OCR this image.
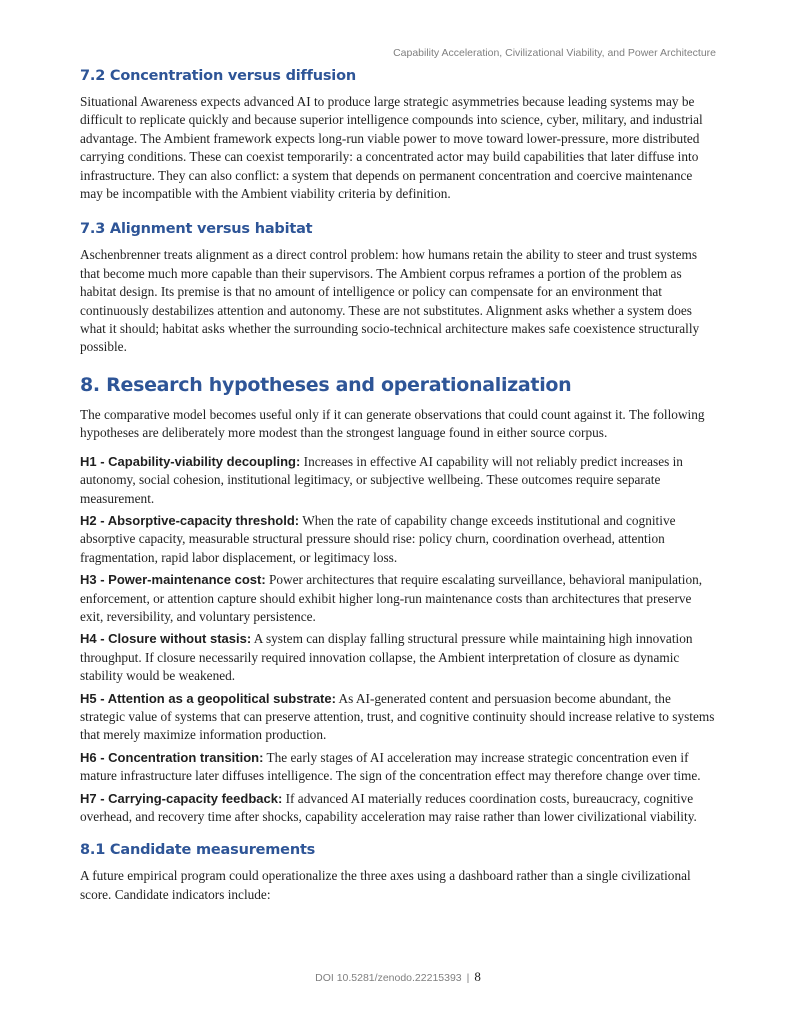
Capability Acceleration, Civilizational Viability, and Power Architecture
7.2 Concentration versus diffusion

Situational Awareness expects advanced AI to produce large strategic asymmetries because leading systems may be difficult to replicate quickly and because superior intelligence compounds into science, cyber, military, and industrial advantage. The Ambient framework expects long-run viable power to move toward lower-pressure, more distributed carrying conditions. These can coexist temporarily: a concentrated actor may build capabilities that later diffuse into infrastructure. They can also conflict: a system that depends on permanent concentration and coercive maintenance may be incompatible with the Ambient viability criteria by definition.

7.3 Alignment versus habitat

Aschenbrenner treats alignment as a direct control problem: how humans retain the ability to steer and trust systems that become much more capable than their supervisors. The Ambient corpus reframes a portion of the problem as habitat design. Its premise is that no amount of intelligence or policy can compensate for an environment that continuously destabilizes attention and autonomy. These are not substitutes. Alignment asks whether a system does what it should; habitat asks whether the surrounding socio-technical architecture makes safe coexistence structurally possible.

8. Research hypotheses and operationalization

The comparative model becomes useful only if it can generate observations that could count against it. The following hypotheses are deliberately more modest than the strongest language found in either source corpus.

H1 - Capability-viability decoupling: Increases in effective AI capability will not reliably predict increases in autonomy, social cohesion, institutional legitimacy, or subjective wellbeing. These outcomes require separate measurement.

H2 - Absorptive-capacity threshold: When the rate of capability change exceeds institutional and cognitive absorptive capacity, measurable structural pressure should rise: policy churn, coordination overhead, attention fragmentation, rapid labor displacement, or legitimacy loss.

H3 - Power-maintenance cost: Power architectures that require escalating surveillance, behavioral manipulation, enforcement, or attention capture should exhibit higher long-run maintenance costs than architectures that preserve exit, reversibility, and voluntary persistence.

H4 - Closure without stasis: A system can display falling structural pressure while maintaining high innovation throughput. If closure necessarily required innovation collapse, the Ambient interpretation of closure as dynamic stability would be weakened.

H5 - Attention as a geopolitical substrate: As AI-generated content and persuasion become abundant, the strategic value of systems that can preserve attention, trust, and cognitive continuity should increase relative to systems that merely maximize information production.

H6 - Concentration transition: The early stages of AI acceleration may increase strategic concentration even if mature infrastructure later diffuses intelligence. The sign of the concentration effect may therefore change over time.

H7 - Carrying-capacity feedback: If advanced AI materially reduces coordination costs, bureaucracy, cognitive overhead, and recovery time after shocks, capability acceleration may raise rather than lower civilizational viability.

8.1 Candidate measurements

A future empirical program could operationalize the three axes using a dashboard rather than a single civilizational score. Candidate indicators include:

DOI 10.5281/zenodo.22215393 | 8
